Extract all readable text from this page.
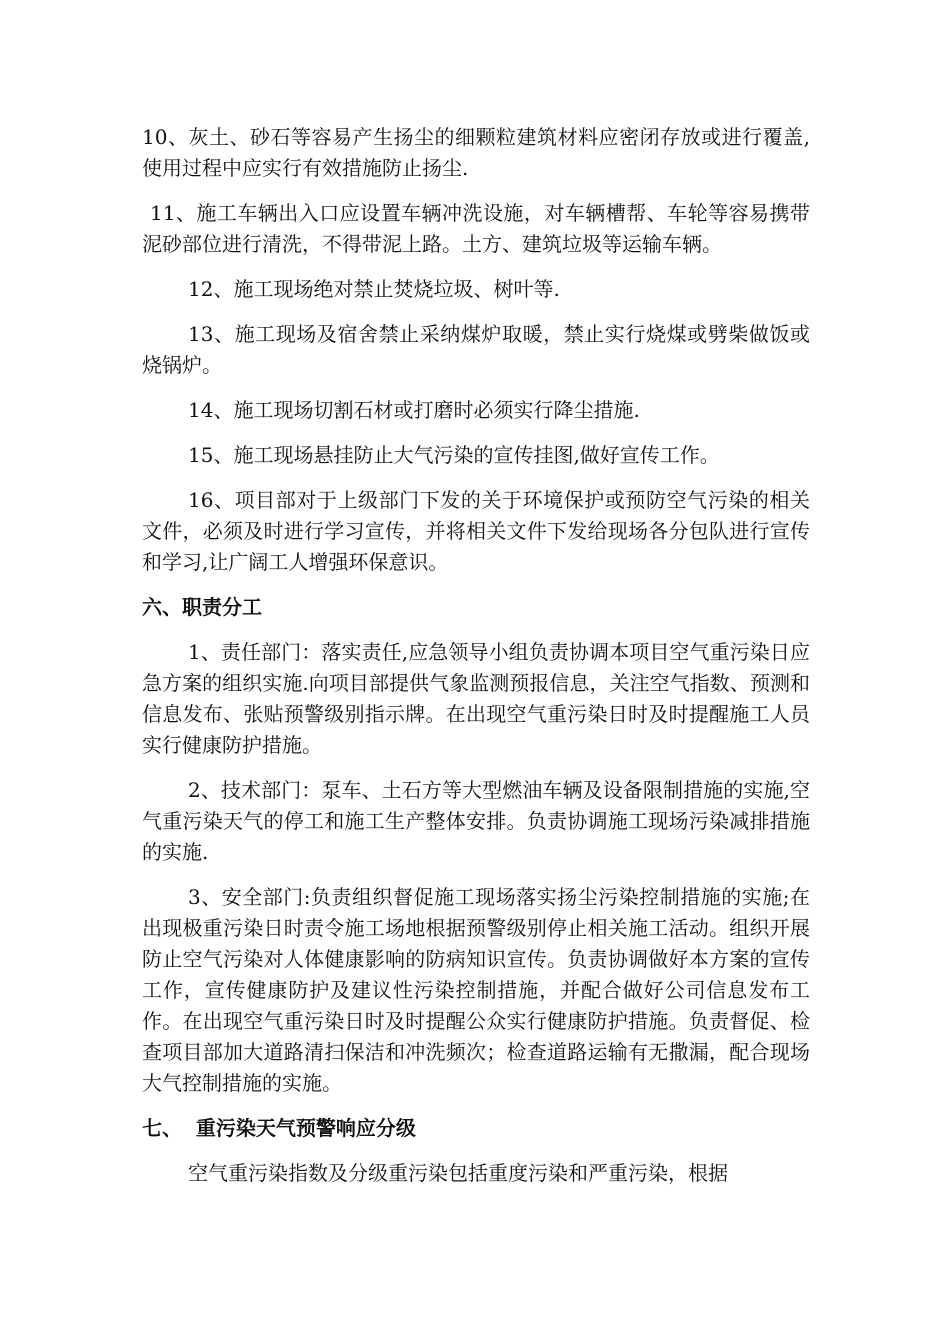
10、灰土、砂石等容易产生扬尘的细颗粒建筑材料应密闭存放或进行覆盖,使用过程中应实行有效措施防止扬尘.

11、施工车辆出入口应设置车辆冲洗设施，对车辆槽帮、车轮等容易携带泥砂部位进行清洗，不得带泥上路。土方、建筑垃圾等运输车辆。

12、施工现场绝对禁止焚烧垃圾、树叶等.

13、施工现场及宿舍禁止采纳煤炉取暖，禁止实行烧煤或劈柴做饭或烧锅炉。

14、施工现场切割石材或打磨时必须实行降尘措施.

15、施工现场悬挂防止大气污染的宣传挂图,做好宣传工作。

16、项目部对于上级部门下发的关于环境保护或预防空气污染的相关文件，必须及时进行学习宣传，并将相关文件下发给现场各分包队进行宣传和学习,让广阔工人增强环保意识。

六、职责分工

1、责任部门：落实责任,应急领导小组负责协调本项目空气重污染日应急方案的组织实施.向项目部提供气象监测预报信息，关注空气指数、预测和信息发布、张贴预警级别指示牌。在出现空气重污染日时及时提醒施工人员实行健康防护措施。

2、技术部门：泵车、土石方等大型燃油车辆及设备限制措施的实施,空气重污染天气的停工和施工生产整体安排。负责协调施工现场污染减排措施的实施.

3、安全部门:负责组织督促施工现场落实扬尘污染控制措施的实施;在出现极重污染日时责令施工场地根据预警级别停止相关施工活动。组织开展防止空气污染对人体健康影响的防病知识宣传。负责协调做好本方案的宣传工作，宣传健康防护及建议性污染控制措施，并配合做好公司信息发布工作。在出现空气重污染日时及时提醒公众实行健康防护措施。负责督促、检查项目部加大道路清扫保洁和冲洗频次；检查道路运输有无撒漏，配合现场大气控制措施的实施。

七、  重污染天气预警响应分级

空气重污染指数及分级重污染包括重度污染和严重污染，根据
